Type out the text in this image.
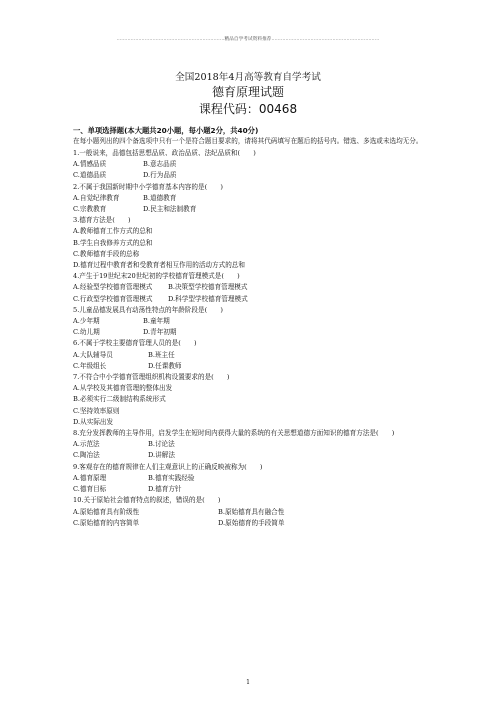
……………………………………………………………精品自学考试资料推荐……………………………………………………………
全国2018年4月高等教育自学考试
德育原理试题
课程代码：00468

一、单项选择题(本大题共20小题，每小题2分，共40分)

在每小题列出的四个备选项中只有一个是符合题目要求的，请将其代码填写在题后的括号内。错选、多选或未选均无分。

1.一般说来，品德包括思想品质、政治品质、法纪品质和(　　)

A.情感品质	B.意志品质
C.道德品质	D.行为品质

2.不属于我国新时期中小学德育基本内容的是(　　)

A.自觉纪律教育	B.道德教育
C.宗教教育	D.民主和法制教育

3.德育方法是(　　)

A.教师德育工作方式的总和

B.学生自我修养方式的总和

C.教师德育手段的总称

D.德育过程中教育者和受教育者相互作用的活动方式的总和

4.产生于19世纪末20世纪初的学校德育管理模式是(　　)

A.经验型学校德育管理模式	B.决策型学校德育管理模式
C.行政型学校德育管理模式	D.科学型学校德育管理模式

5.儿童品德发展具有动荡性特点的年龄阶段是(　　)

A.少年期	B.童年期
C.幼儿期	D.青年初期

6.不属于学校主要德育管理人员的是(　　)

A.大队辅导员	B.班主任
C.年级组长	D.任课教师

7.不符合中小学德育管理组织机构设置要求的是(　　)

A.从学校及其德育管理的整体出发

B.必须实行二级制结构系统形式

C.坚持效率原则

D.从实际出发

8.充分发挥教师的主导作用，启发学生在短时间内获得大量的系统的有关思想道德方面知识的德育方法是(　　)

A.示范法	B.讨论法
C.陶冶法	D.讲解法

9.客观存在的德育规律在人们主观意识上的正确反映被称为(　　)

A.德育原理	B.德育实践经验
C.德育目标	D.德育方针

10.关于原始社会德育特点的叙述，错误的是(　　)

A.原始德育具有阶级性	B.原始德育具有融合性
C.原始德育的内容简单	D.原始德育的手段简单
1
